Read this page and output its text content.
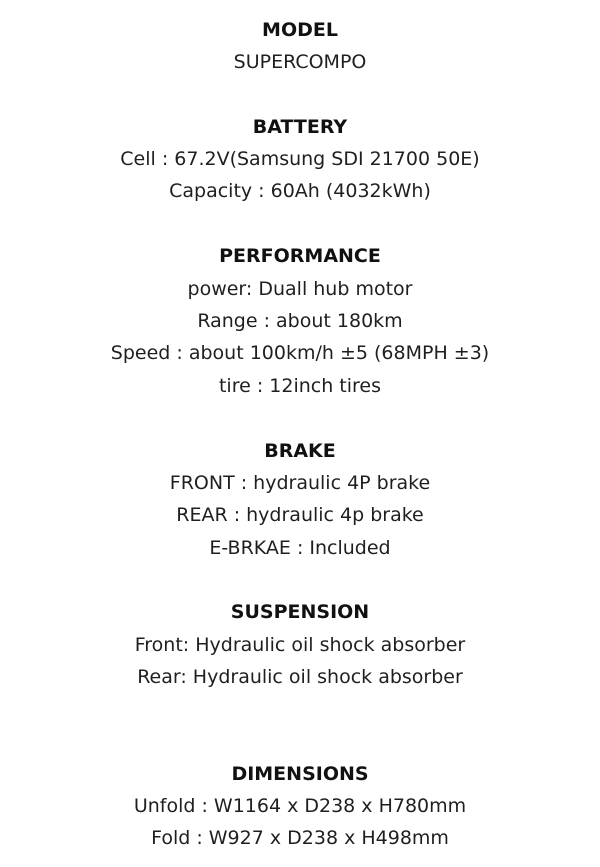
MODEL
SUPERCOMPO
BATTERY
Cell : 67.2V(Samsung SDI 21700 50E)
Capacity : 60Ah (4032kWh)
PERFORMANCE
power: Duall hub motor
Range : about 180km
Speed : about 100km/h ±5 (68MPH ±3)
tire : 12inch tires
BRAKE
FRONT : hydraulic 4P brake
REAR : hydraulic 4p brake
E-BRKAE : Included
SUSPENSION
Front: Hydraulic oil shock absorber
Rear: Hydraulic oil shock absorber
DIMENSIONS
Unfold : W1164 x D238 x H780mm
Fold : W927 x D238 x H498mm
